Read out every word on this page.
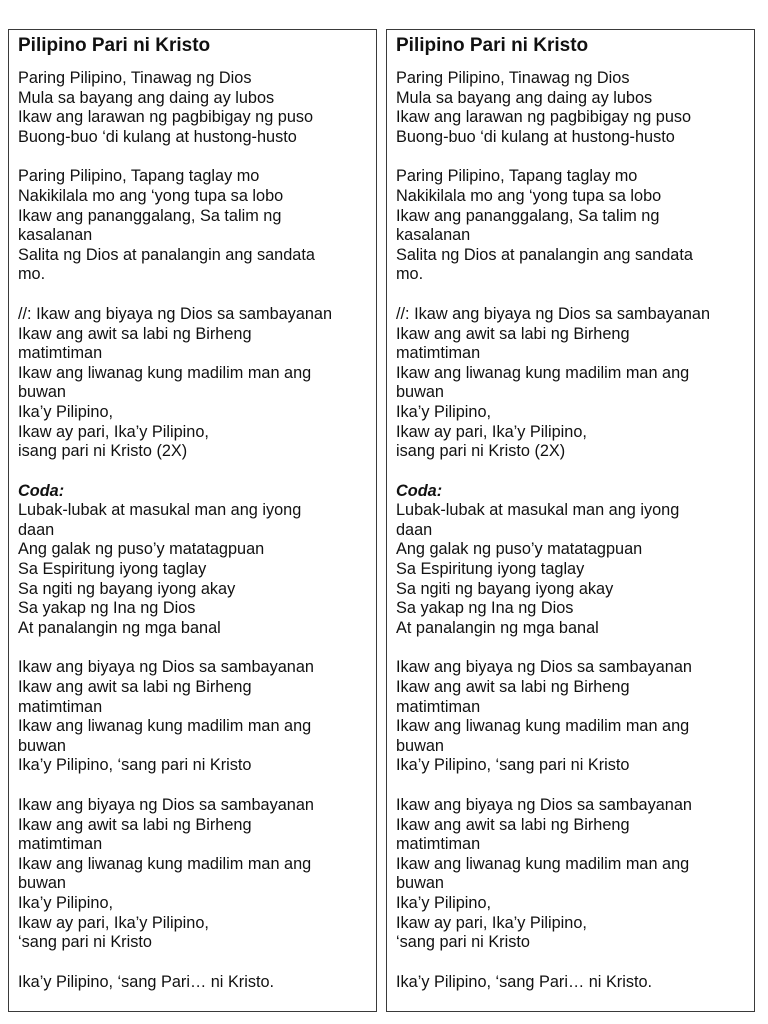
Pilipino Pari ni Kristo
Paring Pilipino, Tinawag ng Dios
Mula sa bayang ang daing ay lubos
Ikaw ang larawan ng pagbibigay ng puso
Buong-buo ‘di kulang at hustong-husto
Paring Pilipino, Tapang taglay mo
Nakikilala mo ang ‘yong tupa sa lobo
Ikaw ang pananggalang, Sa talim ng
kasalanan
Salita ng Dios at panalangin ang sandata
mo.
//: Ikaw ang biyaya ng Dios sa sambayanan
Ikaw ang awit sa labi ng Birheng
matimtiman
Ikaw ang liwanag kung madilim man ang
buwan
Ika’y Pilipino,
Ikaw ay pari, Ika’y Pilipino,
isang pari ni Kristo (2X)
Coda:
Lubak-lubak at masukal man ang iyong
daan
Ang galak ng puso’y matatagpuan
Sa Espiritung iyong taglay
Sa ngiti ng bayang iyong akay
Sa yakap ng Ina ng Dios
At panalangin ng mga banal
Ikaw ang biyaya ng Dios sa sambayanan
Ikaw ang awit sa labi ng Birheng
matimtiman
Ikaw ang liwanag kung madilim man ang
buwan
Ika’y Pilipino, ‘sang pari ni Kristo
Ikaw ang biyaya ng Dios sa sambayanan
Ikaw ang awit sa labi ng Birheng
matimtiman
Ikaw ang liwanag kung madilim man ang
buwan
Ika’y Pilipino,
Ikaw ay pari, Ika’y Pilipino,
‘sang pari ni Kristo
Ika’y Pilipino, ‘sang Pari… ni Kristo.
Pilipino Pari ni Kristo
Paring Pilipino, Tinawag ng Dios
Mula sa bayang ang daing ay lubos
Ikaw ang larawan ng pagbibigay ng puso
Buong-buo ‘di kulang at hustong-husto
Paring Pilipino, Tapang taglay mo
Nakikilala mo ang ‘yong tupa sa lobo
Ikaw ang pananggalang, Sa talim ng
kasalanan
Salita ng Dios at panalangin ang sandata
mo.
//: Ikaw ang biyaya ng Dios sa sambayanan
Ikaw ang awit sa labi ng Birheng
matimtiman
Ikaw ang liwanag kung madilim man ang
buwan
Ika’y Pilipino,
Ikaw ay pari, Ika’y Pilipino,
isang pari ni Kristo (2X)
Coda:
Lubak-lubak at masukal man ang iyong
daan
Ang galak ng puso’y matatagpuan
Sa Espiritung iyong taglay
Sa ngiti ng bayang iyong akay
Sa yakap ng Ina ng Dios
At panalangin ng mga banal
Ikaw ang biyaya ng Dios sa sambayanan
Ikaw ang awit sa labi ng Birheng
matimtiman
Ikaw ang liwanag kung madilim man ang
buwan
Ika’y Pilipino, ‘sang pari ni Kristo
Ikaw ang biyaya ng Dios sa sambayanan
Ikaw ang awit sa labi ng Birheng
matimtiman
Ikaw ang liwanag kung madilim man ang
buwan
Ika’y Pilipino,
Ikaw ay pari, Ika’y Pilipino,
‘sang pari ni Kristo
Ika’y Pilipino, ‘sang Pari… ni Kristo.
